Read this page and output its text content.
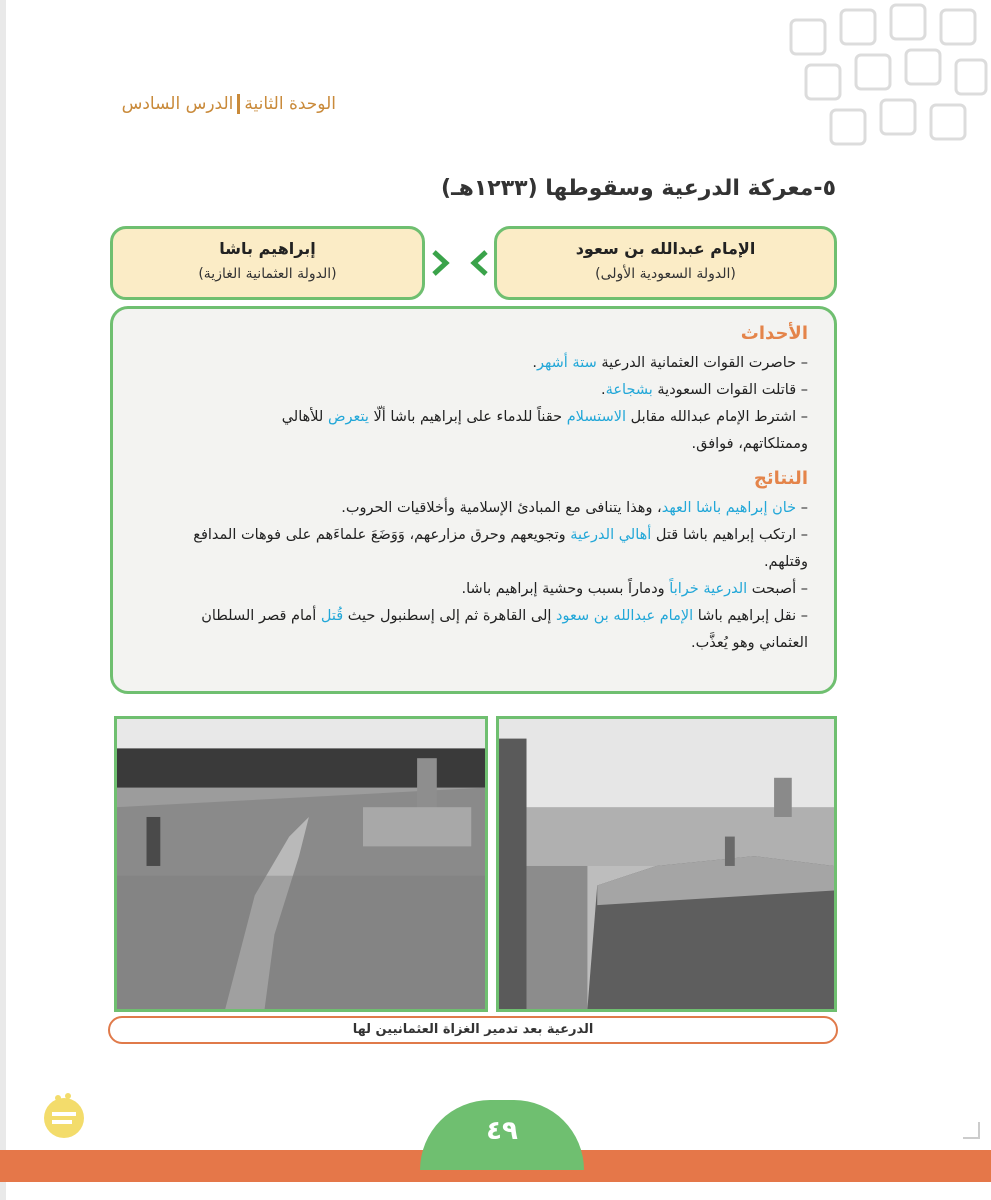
الوحدة الثانيةالدرس السادس
٥-معركة الدرعية وسقوطها (١٢٣٣هـ)
الإمام عبدالله بن سعود
(الدولة السعودية الأولى)
إبراهيم باشا
(الدولة العثمانية الغازية)
الأحداث
– حاصرت القوات العثمانية الدرعية ستة أشهر.
– قاتلت القوات السعودية بشجاعة.
– اشترط الإمام عبدالله مقابل الاستسلام حقناً للدماء على إبراهيم باشا ألّا يتعرض للأهالي
وممتلكاتهم، فوافق.
النتائج
– خان إبراهيم باشا العهد، وهذا يتنافى مع المبادئ الإسلامية وأخلاقيات الحروب.
– ارتكب إبراهيم باشا قتل أهالي الدرعية وتجويعهم وحرق مزارعهم، وَوَضَعَ علماءَهم على فوهات المدافع
وقتلهم.
– أصبحت الدرعية خراباً ودماراً بسبب وحشية إبراهيم باشا.
– نقل إبراهيم باشا الإمام عبدالله بن سعود إلى القاهرة ثم إلى إسطنبول حيث قُتل أمام قصر السلطان
العثماني وهو يُعذَّب.
الدرعية بعد تدمير الغزاة العثمانيين لها
٤٩
